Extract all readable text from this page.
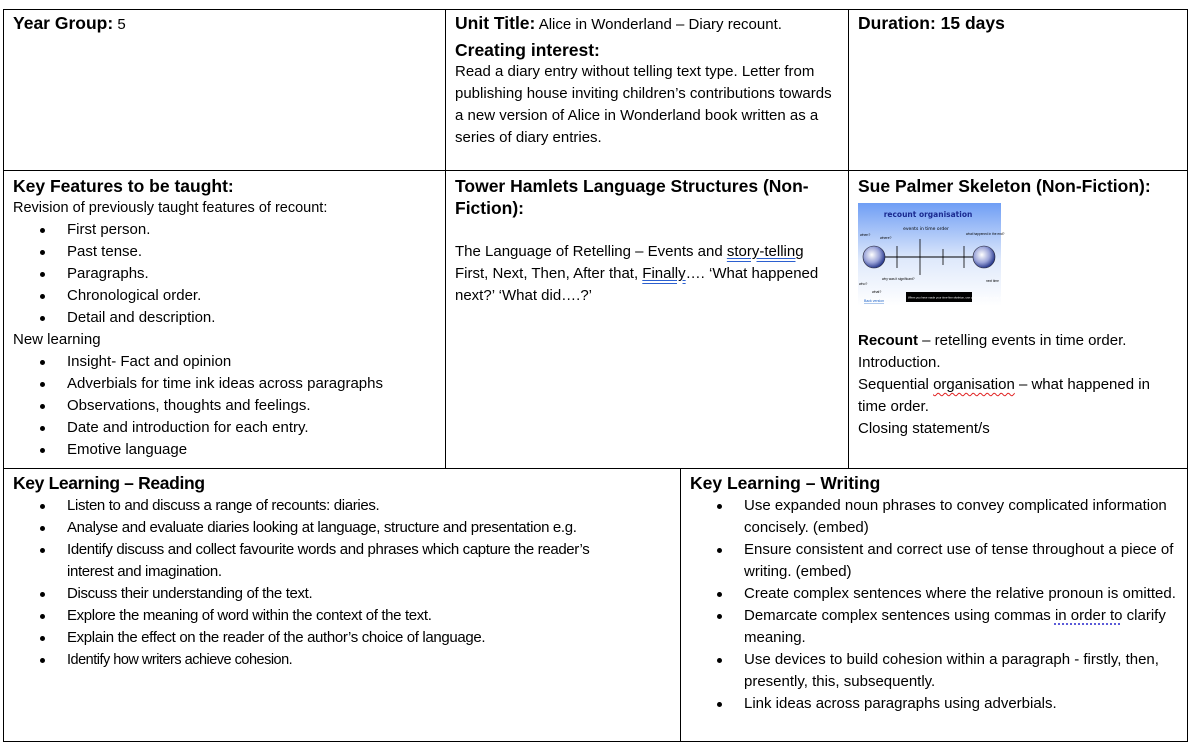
Year Group: 5	Unit Title: Alice in Wonderland – Diary recount.
Creating interest:
Read a diary entry without telling text type. Letter from publishing house inviting children’s contributions towards a new version of Alice in Wonderland book written as a series of diary entries.
Duration: 15 days
Key Features to be taught:
Revision of previously taught features of recount:
First person.
Past tense.
Paragraphs.
Chronological order.
Detail and description.
New learning
Insight- Fact and opinion
Adverbials for time ink ideas across paragraphs
Observations, thoughts and feelings.
Date and introduction for each entry.
Emotive language
Tower Hamlets Language Structures (Non-Fiction):
The Language of Retelling – Events and story-telling
First, Next, Then, After that, Finally…. ‘What happened next?’ ‘What did….?’
Sue Palmer Skeleton (Non-Fiction):
recount organisation
events in time order
when?
where?
who?
what?
why was it significant?
what happened in the end?
next time
When you have made your time-line skeleton, use contrast colour to chop it into paragraphs.
Back version
Recount – retelling events in time order.
Introduction.
Sequential organisation – what happened in time order.
Closing statement/s
Key Learning – Reading
Listen to and discuss a range of recounts: diaries.
Analyse and evaluate diaries looking at language, structure and presentation e.g.
Identify discuss and collect favourite words and phrases which capture the reader’s interest and imagination.
Discuss their understanding of the text.
Explore the meaning of word within the context of the text.
Explain the effect on the reader of the author’s choice of language.
Identify how writers achieve cohesion.
Key Learning – Writing
Use expanded noun phrases to convey complicated information concisely. (embed)
Ensure consistent and correct use of tense throughout a piece of writing. (embed)
Create complex sentences where the relative pronoun is omitted.
Demarcate complex sentences using commas in order to clarify meaning.
Use devices to build cohesion within a paragraph - firstly, then, presently, this, subsequently.
Link ideas across paragraphs using adverbials.
